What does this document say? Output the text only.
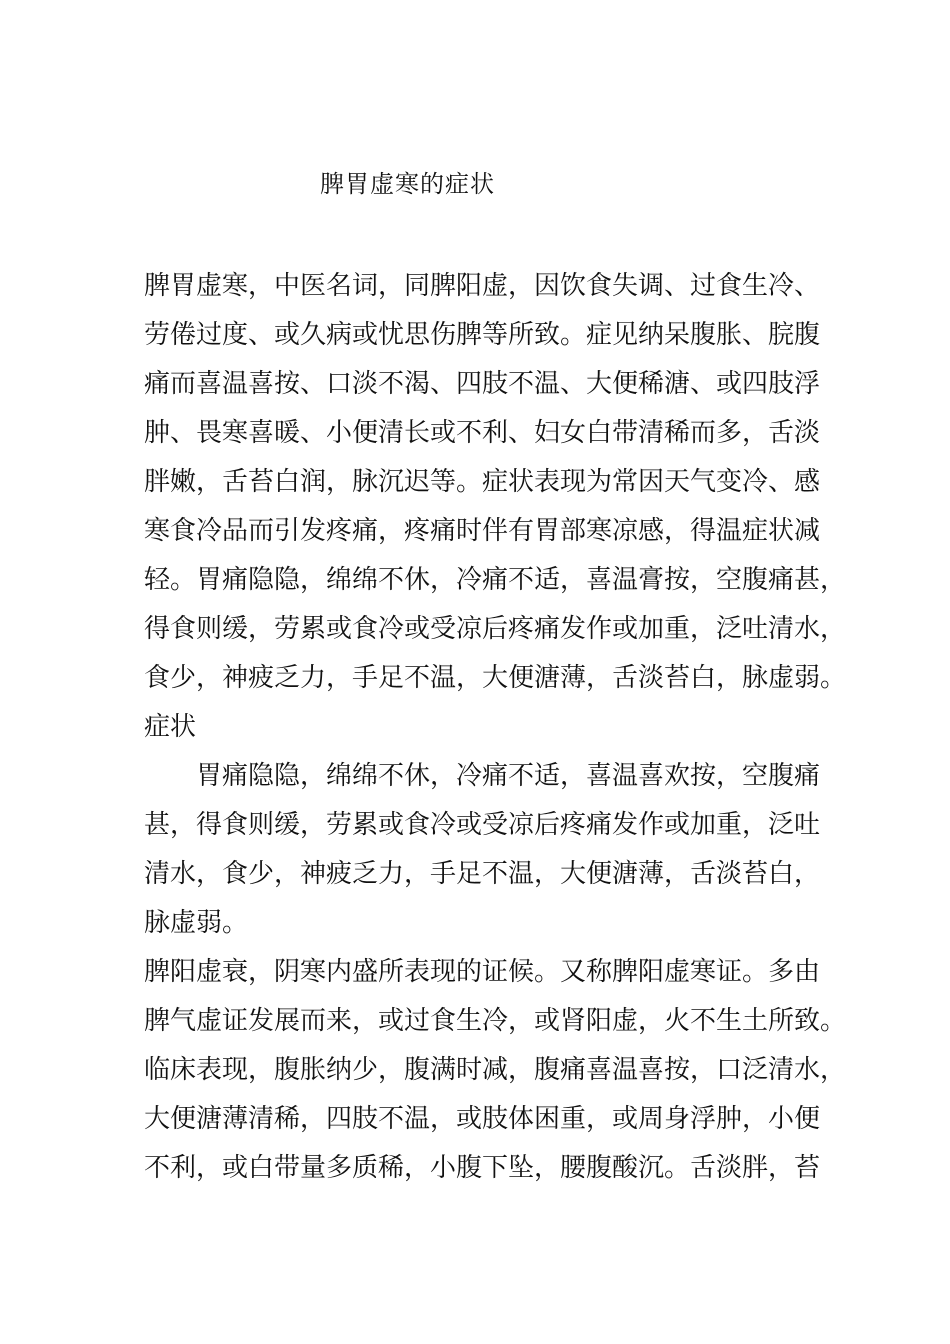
脾胃虚寒的症状
脾胃虚寒，中医名词，同脾阳虚，因饮食失调、过食生冷、
劳倦过度、或久病或忧思伤脾等所致。症见纳呆腹胀、脘腹
痛而喜温喜按、口淡不渴、四肢不温、大便稀溏、或四肢浮
肿、畏寒喜暖、小便清长或不利、妇女白带清稀而多，舌淡
胖嫩，舌苔白润，脉沉迟等。症状表现为常因天气变冷、感
寒食冷品而引发疼痛，疼痛时伴有胃部寒凉感，得温症状减
轻。胃痛隐隐，绵绵不休，冷痛不适，喜温膏按，空腹痛甚，
得食则缓，劳累或食冷或受凉后疼痛发作或加重，泛吐清水，
食少，神疲乏力，手足不温，大便溏薄，舌淡苔白，脉虚弱。
症状
胃痛隐隐，绵绵不休，冷痛不适，喜温喜欢按，空腹痛
甚，得食则缓，劳累或食冷或受凉后疼痛发作或加重，泛吐
清水，食少，神疲乏力，手足不温，大便溏薄，舌淡苔白，
脉虚弱。
脾阳虚衰，阴寒内盛所表现的证候。又称脾阳虚寒证。多由
脾气虚证发展而来，或过食生冷，或肾阳虚，火不生土所致。
临床表现，腹胀纳少，腹满时减，腹痛喜温喜按，口泛清水，
大便溏薄清稀，四肢不温，或肢体困重，或周身浮肿，小便
不利，或白带量多质稀，小腹下坠，腰腹酸沉。舌淡胖，苔
